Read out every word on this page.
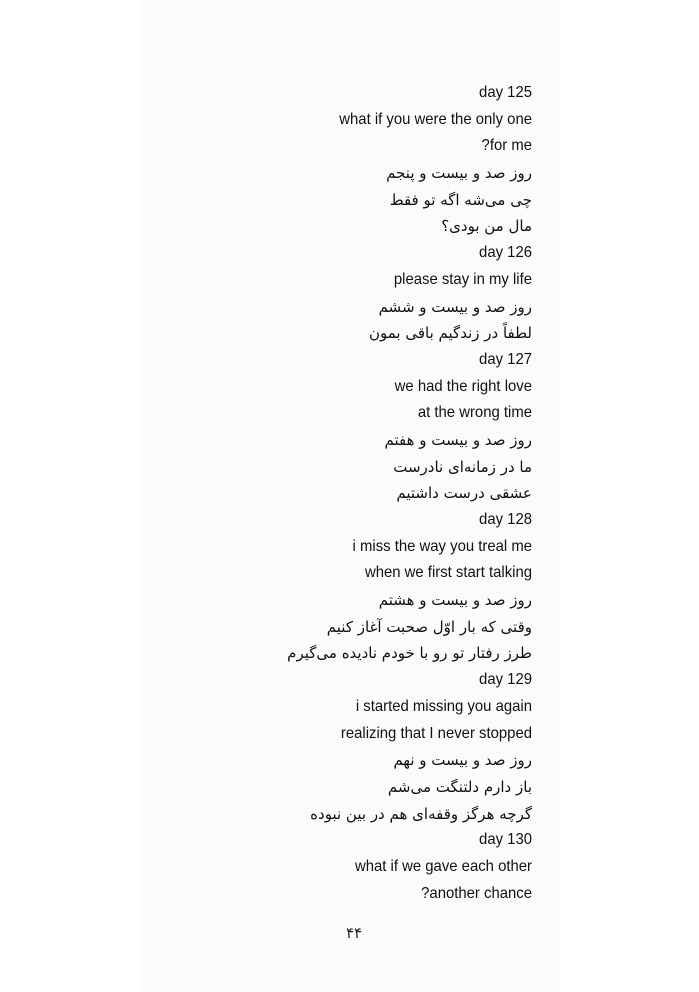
day 125
what if you were the only one
?for me
روز صد و بیست و پنجم
چی می‌شه اگه تو فقط
مال من بودی؟
day 126
please stay in my life
روز صد و بیست و ششم
لطفاً در زندگیم باقی بمون
day 127
we had the right love
at the wrong time
روز صد و بیست و هفتم
ما در زمانه‌ای نادرست
عشقی درست داشتیم
day 128
i miss the way you treal me
when we first start talking
روز صد و بیست و هشتم
وقتی که بار اوّل صحبت آغاز کنیم
طرز رفتار تو رو با خودم نادیده می‌گیرم
day 129
i started missing you again
realizing that I never stopped
روز صد و بیست و نهم
باز دارم دلتنگت می‌شم
گرچه هرگز وقفه‌ای هم در بین نبوده
day 130
what if we gave each other
?another chance
۴۴
